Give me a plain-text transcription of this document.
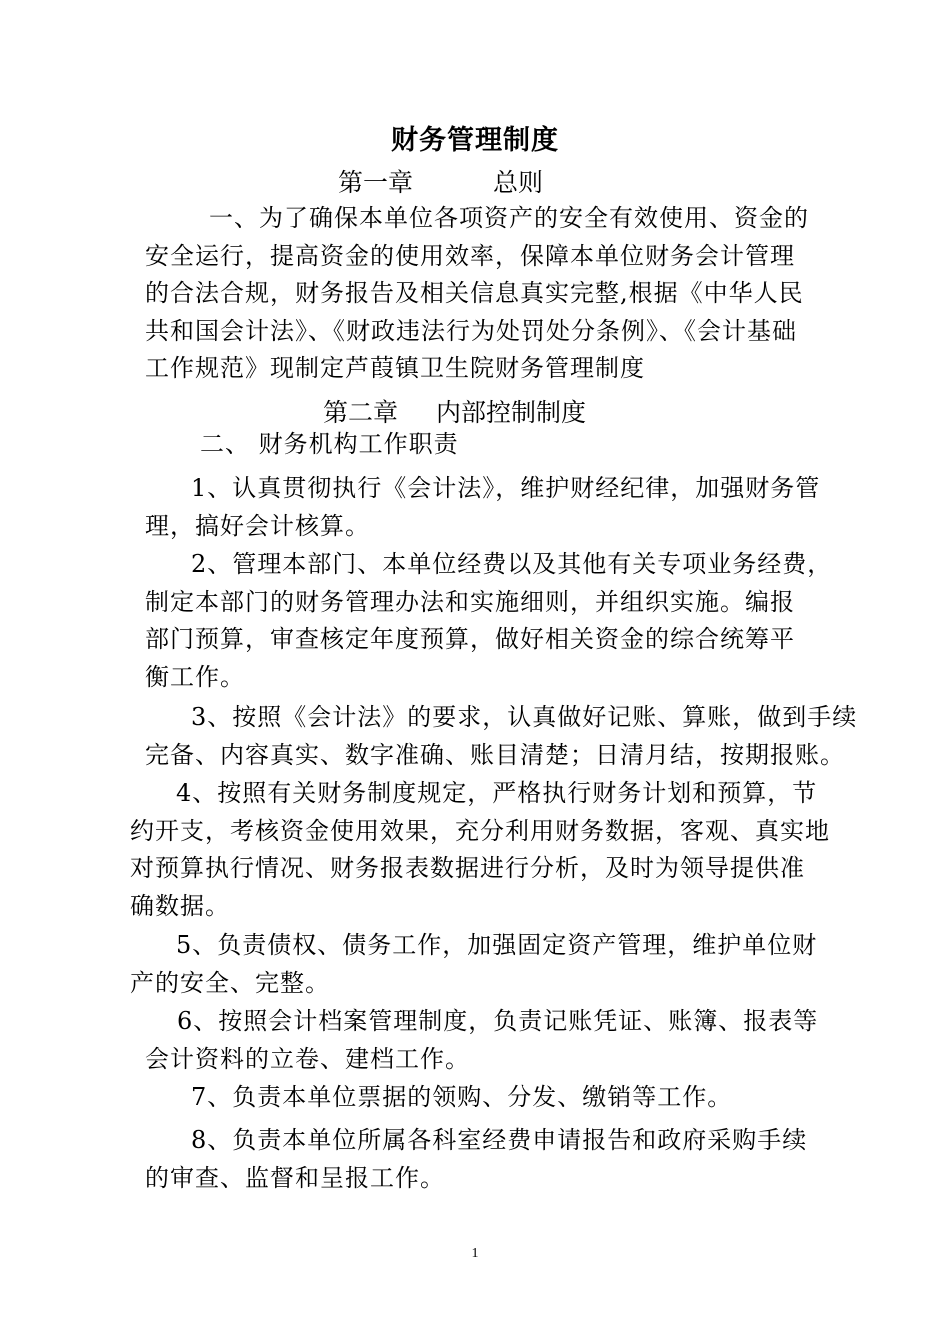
财务管理制度
第一章	总则
一、为了确保本单位各项资产的安全有效使用、资金的
安全运行，提高资金的使用效率，保障本单位财务会计管理
的合法合规，财务报告及相关信息真实完整,根据《中华人民
共和国会计法》、《财政违法行为处罚处分条例》、《会计基础
工作规范》现制定芦葭镇卫生院财务管理制度
第二章 内部控制制度
二、 财务机构工作职责
1、认真贯彻执行《会计法》，维护财经纪律，加强财务管
理，搞好会计核算。
2、管理本部门、本单位经费以及其他有关专项业务经费，
制定本部门的财务管理办法和实施细则，并组织实施。编报
部门预算，审查核定年度预算，做好相关资金的综合统筹平
衡工作。
3、按照《会计法》的要求，认真做好记账、算账，做到手续
完备、内容真实、数字准确、账目清楚；日清月结，按期报账。
4、按照有关财务制度规定，严格执行财务计划和预算，节
约开支，考核资金使用效果，充分利用财务数据，客观、真实地
对预算执行情况、财务报表数据进行分析，及时为领导提供准
确数据。
5、负责债权、债务工作，加强固定资产管理，维护单位财
产的安全、完整。
6、按照会计档案管理制度，负责记账凭证、账簿、报表等
会计资料的立卷、建档工作。
7、负责本单位票据的领购、分发、缴销等工作。
8、负责本单位所属各科室经费申请报告和政府采购手续
的审查、监督和呈报工作。
1
